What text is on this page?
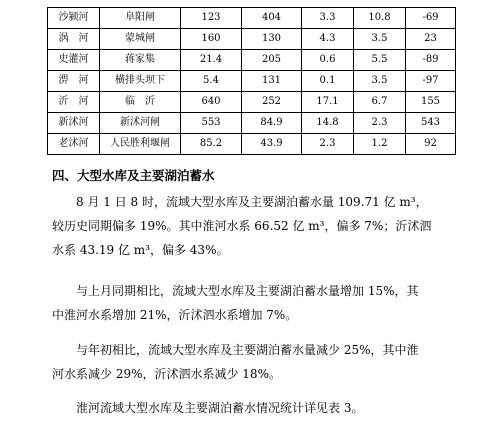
沙颍河	阜阳闸	123	404	3.3	10.8	-69
涡　河	蒙城闸	160	130	4.3	3.5	23
史灌河	蒋家集	21.4	205	0.6	5.5	-89
淠　河	横排头坝下	5.4	131	0.1	3.5	-97
沂　河	临　沂	640	252	17.1	6.7	155
新沭河	新沭河闸	553	84.9	14.8	2.3	543
老沭河	人民胜利堰闸	85.2	43.9	2.3	1.2	92
四、大型水库及主要湖泊蓄水

8 月 1 日 8 时，流域大型水库及主要湖泊蓄水量 109.71 亿 m³，
较历史同期偏多 19%。其中淮河水系 66.52 亿 m³，偏多 7%；沂沭泗
水系 43.19 亿 m³，偏多 43%。

与上月同期相比，流域大型水库及主要湖泊蓄水量增加 15%，其
中淮河水系增加 21%，沂沭泗水系增加 7%。

与年初相比，流域大型水库及主要湖泊蓄水量减少 25%，其中淮
河水系减少 29%，沂沭泗水系减少 18%。

淮河流域大型水库及主要湖泊蓄水情况统计详见表 3。
